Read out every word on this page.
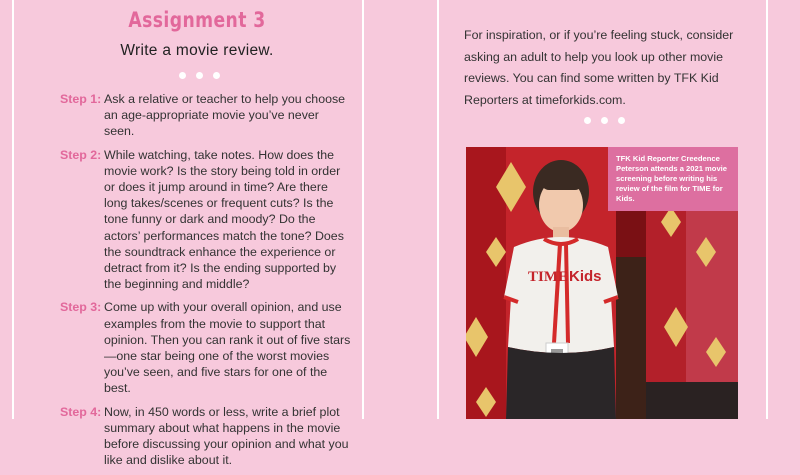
Assignment 3
Write a movie review.
Step 1: Ask a relative or teacher to help you choose an age-appropriate movie you’ve never seen.
Step 2: While watching, take notes. How does the movie work? Is the story being told in order or does it jump around in time? Are there long takes/scenes or frequent cuts? Is the tone funny or dark and moody? Do the actors’ performances match the tone? Does the soundtrack enhance the experience or detract from it? Is the ending supported by the beginning and middle?
Step 3: Come up with your overall opinion, and use examples from the movie to support that opinion. Then you can rank it out of five stars—one star being one of the worst movies you’ve seen, and five stars for one of the best.
Step 4: Now, in 450 words or less, write a brief plot summary about what happens in the movie before discussing your opinion and what you like and dislike about it.
For inspiration, or if you’re feeling stuck, consider asking an adult to help you look up other movie reviews. You can find some written by TFK Kid Reporters at timeforkids.com.
TIME Kids
TFK Kid Reporter Creedence Peterson attends a 2021 movie screening before writing his review of the film for TIME for Kids.
